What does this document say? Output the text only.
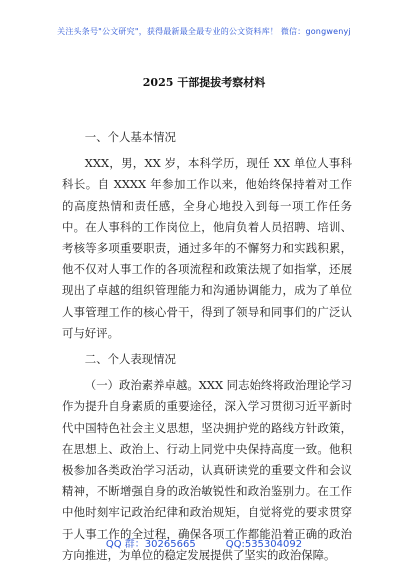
关注头条号"公文研究"，获得最新最全最专业的公文资料库！ 微信：gongwenyj
2025 干部提拔考察材料

一、个人基本情况

XXX，男，XX 岁，本科学历，现任 XX 单位人事科科长。自 XXXX 年参加工作以来，他始终保持着对工作的高度热情和责任感，全身心地投入到每一项工作任务中。在人事科的工作岗位上，他肩负着人员招聘、培训、考核等多项重要职责，通过多年的不懈努力和实践积累，他不仅对人事工作的各项流程和政策法规了如指掌，还展现出了卓越的组织管理能力和沟通协调能力，成为了单位人事管理工作的核心骨干，得到了领导和同事们的广泛认可与好评。

二、个人表现情况

（一）政治素养卓越。XXX 同志始终将政治理论学习作为提升自身素质的重要途径，深入学习贯彻习近平新时代中国特色社会主义思想，坚决拥护党的路线方针政策，在思想上、政治上、行动上同党中央保持高度一致。他积极参加各类政治学习活动，认真研读党的重要文件和会议精神，不断增强自身的政治敏锐性和政治鉴别力。在工作中他时刻牢记政治纪律和政治规矩，自觉将党的要求贯穿于人事工作的全过程，确保各项工作都能沿着正确的政治方向推进，为单位的稳定发展提供了坚实的政治保障。

QQ 群：30265665	QQ:535304092
